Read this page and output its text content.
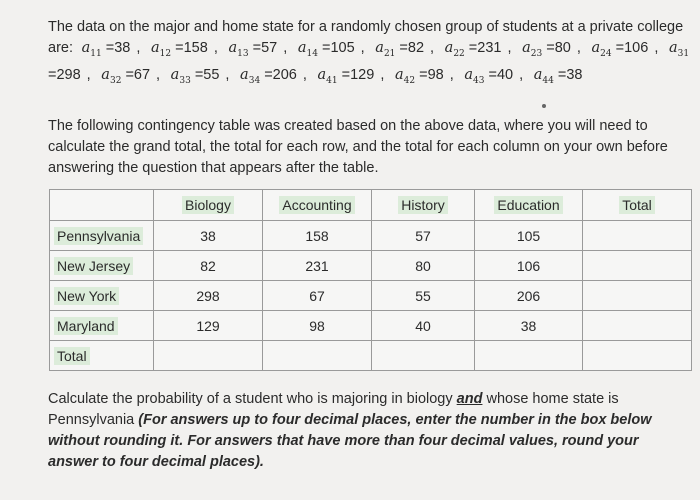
The data on the major and home state for a randomly chosen group of students at a private college are:  $a_{11} =38$ , $a_{12} =158$ , $a_{13} =57$ , $a_{14} =105$ , $a_{21} =82$ , $a_{22} =231$ , $a_{23} =80$ , $a_{24} =106$ , $a_{31} =298$ , $a_{32} =67$ , $a_{33} =55$ , $a_{34} =206$ , $a_{41} =129$ , $a_{42} =98$ , $a_{43} =40$ , $a_{44} =38$
The following contingency table was created based on the above data, where you will need to calculate the grand total, the total for each row, and the total for each column on your own before answering the question that appears after the table.
	Biology	Accounting	History	Education	Total
Pennsylvania	38	158	57	105	
New Jersey	82	231	80	106	
New York	298	67	55	206	
Maryland	129	98	40	38	
Total					
Calculate the probability of a student who is majoring in biology and whose home state is Pennsylvania (For answers up to four decimal places, enter the number in the box below without rounding it. For answers that have more than four decimal values, round your answer to four decimal places).
